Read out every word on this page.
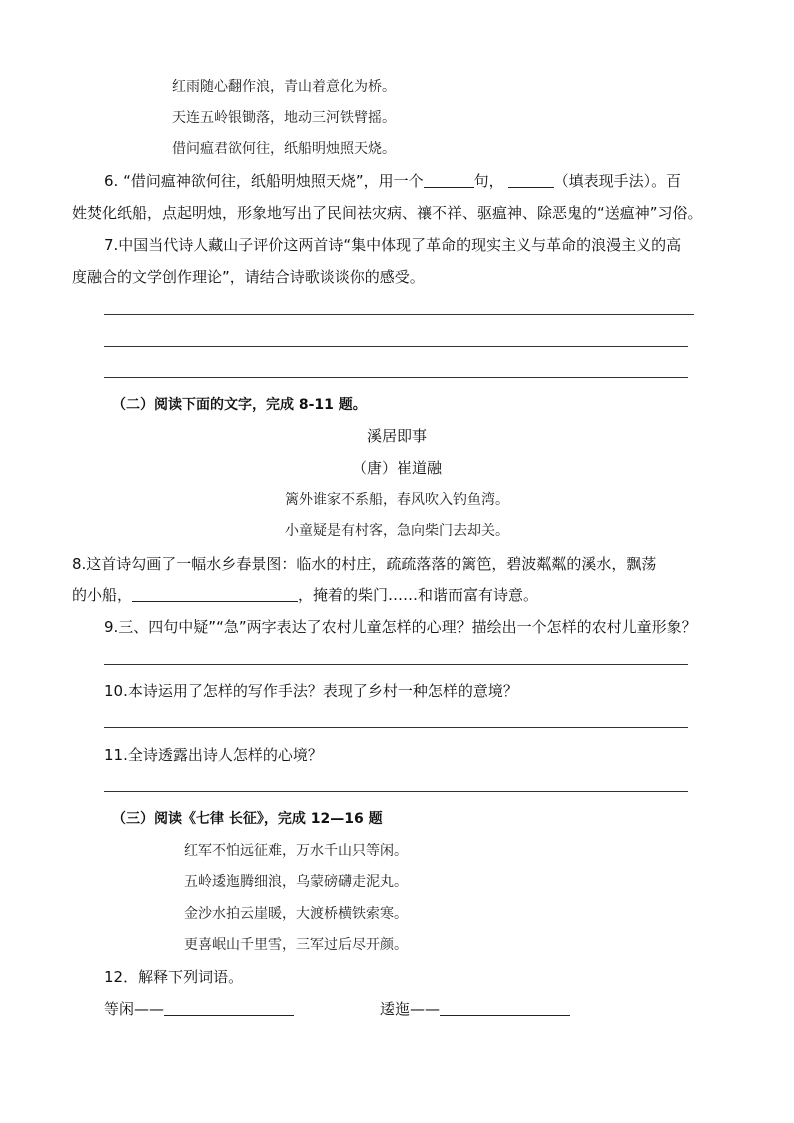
红雨随心翻作浪，青山着意化为桥。
天连五岭银锄落，地动三河铁臂摇。
借问瘟君欲何往，纸船明烛照天烧。
6. “借问瘟神欲何往，纸船明烛照天烧”，用一个	句，	（填表现手法）。百
姓焚化纸船，点起明烛，形象地写出了民间祛灾病、禳不祥、驱瘟神、除恶鬼的“送瘟神”习俗。
7.中国当代诗人藏山子评价这两首诗“集中体现了革命的现实主义与革命的浪漫主义的高
度融合的文学创作理论”，请结合诗歌谈谈你的感受。
（二）阅读下面的文字，完成 8-11 题。
溪居即事
（唐）崔道融
篱外谁家不系船，春风吹入钓鱼湾。
小童疑是有村客，急向柴门去却关。
8.这首诗勾画了一幅水乡春景图：临水的村庄，疏疏落落的篱笆，碧波粼粼的溪水，飘荡
的小船，	，掩着的柴门……和谐而富有诗意。
9.三、四句中疑”“急”两字表达了农村儿童怎样的心理？描绘出一个怎样的农村儿童形象？
10.本诗运用了怎样的写作手法？表现了乡村一种怎样的意境？
11.全诗透露出诗人怎样的心境？
（三）阅读《七律 长征》，完成 12—16 题
红军不怕远征难，万水千山只等闲。
五岭逶迤腾细浪，乌蒙磅礴走泥丸。
金沙水拍云崖暖，大渡桥横铁索寒。
更喜岷山千里雪，三军过后尽开颜。
12．解释下列词语。
等闲——	逶迤——
